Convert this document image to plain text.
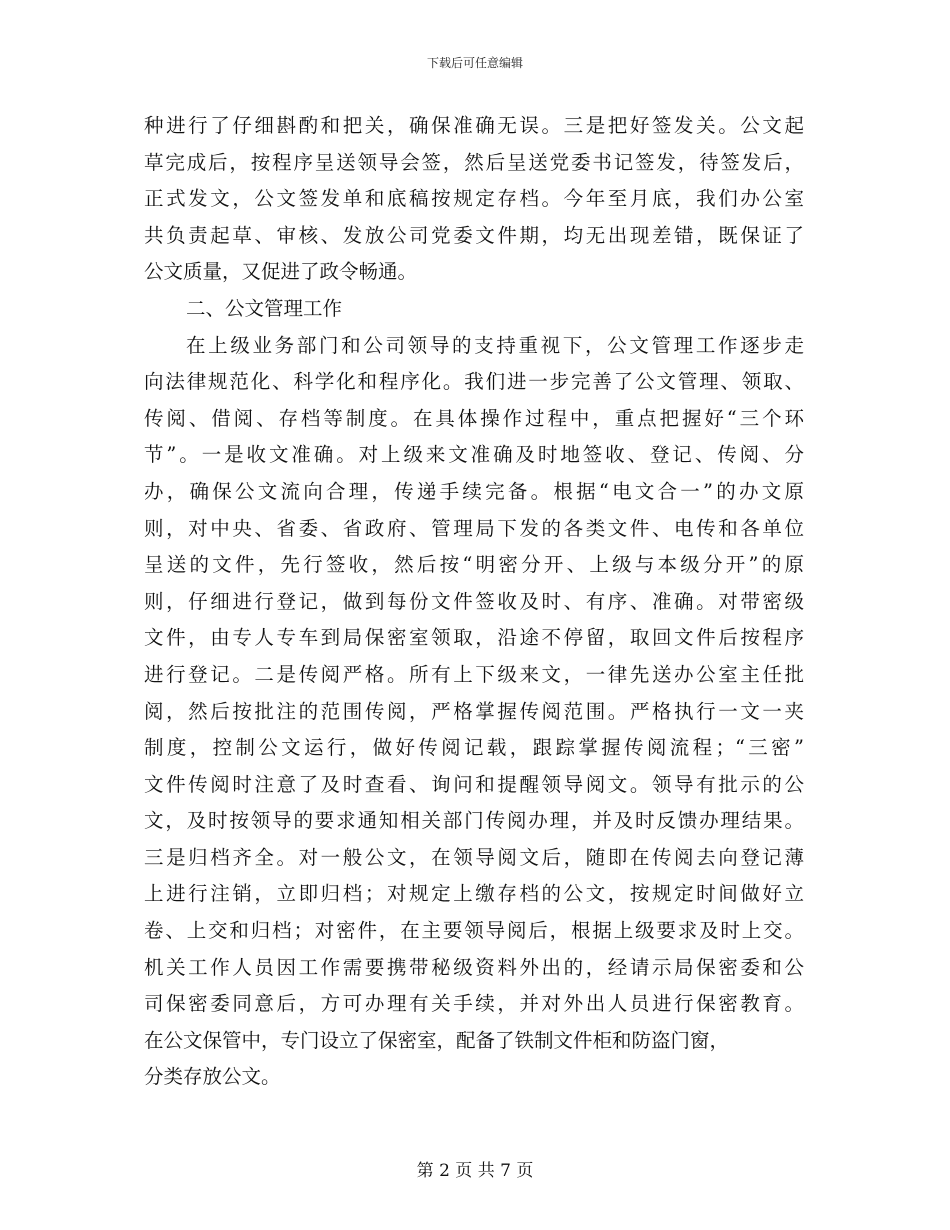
下载后可任意编辑
种进行了仔细斟酌和把关，确保准确无误。三是把好签发关。公文起
草完成后，按程序呈送领导会签，然后呈送党委书记签发，待签发后，
正式发文，公文签发单和底稿按规定存档。今年至月底，我们办公室
共负责起草、审核、发放公司党委文件期，均无出现差错，既保证了
公文质量，又促进了政令畅通。
二、公文管理工作
在上级业务部门和公司领导的支持重视下，公文管理工作逐步走
向法律规范化、科学化和程序化。我们进一步完善了公文管理、领取、
传阅、借阅、存档等制度。在具体操作过程中，重点把握好“三个环
节”。一是收文准确。对上级来文准确及时地签收、登记、传阅、分
办，确保公文流向合理，传递手续完备。根据“电文合一”的办文原
则，对中央、省委、省政府、管理局下发的各类文件、电传和各单位
呈送的文件，先行签收，然后按“明密分开、上级与本级分开”的原
则，仔细进行登记，做到每份文件签收及时、有序、准确。对带密级
文件，由专人专车到局保密室领取，沿途不停留，取回文件后按程序
进行登记。二是传阅严格。所有上下级来文，一律先送办公室主任批
阅，然后按批注的范围传阅，严格掌握传阅范围。严格执行一文一夹
制度，控制公文运行，做好传阅记载，跟踪掌握传阅流程；“三密”
文件传阅时注意了及时查看、询问和提醒领导阅文。领导有批示的公
文，及时按领导的要求通知相关部门传阅办理，并及时反馈办理结果。
三是归档齐全。对一般公文，在领导阅文后，随即在传阅去向登记薄
上进行注销，立即归档；对规定上缴存档的公文，按规定时间做好立
卷、上交和归档；对密件，在主要领导阅后，根据上级要求及时上交。
机关工作人员因工作需要携带秘级资料外出的，经请示局保密委和公
司保密委同意后，方可办理有关手续，并对外出人员进行保密教育。
在公文保管中，专门设立了保密室，配备了铁制文件柜和防盗门窗，
分类存放公文。
第 2 页 共 7 页
